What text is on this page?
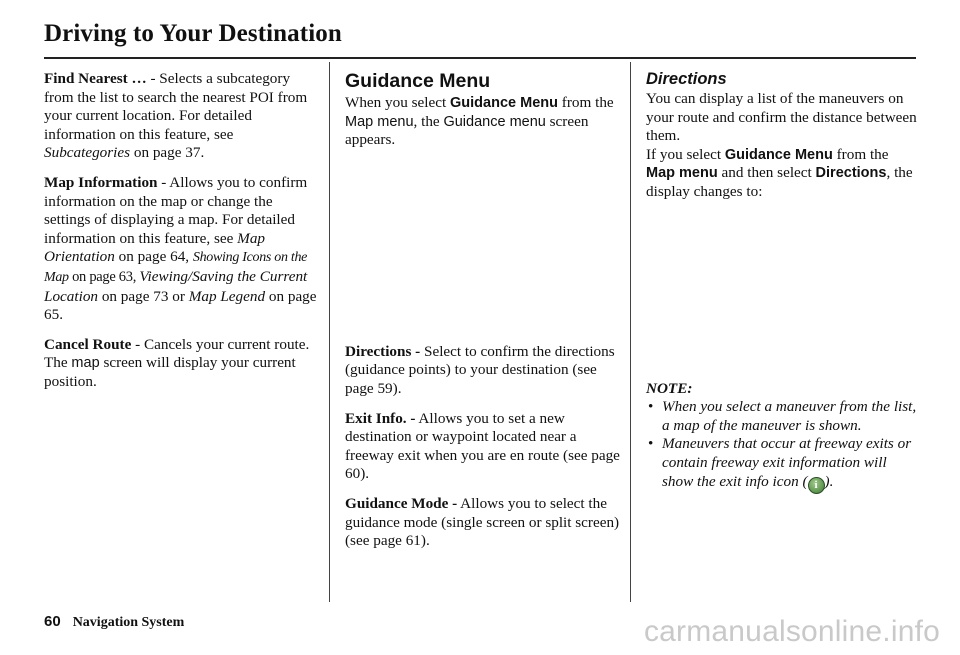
Driving to Your Destination

Find Nearest … - Selects a subcategory from the list to search the nearest POI from your current location. For detailed information on this feature, see Subcategories on page 37.

Map Information - Allows you to confirm information on the map or change the settings of displaying a map. For detailed information on this feature, see Map Orientation on page 64, Showing Icons on the Map on page 63, Viewing/Saving the Current Location on page 73 or Map Legend on page 65.

Cancel Route - Cancels your current route. The map screen will display your current position.

Guidance Menu

When you select Guidance Menu from the Map menu, the Guidance menu screen appears.

Directions - Select to confirm the directions (guidance points) to your destination (see page 59).

Exit Info. - Allows you to set a new destination or waypoint located near a freeway exit when you are en route (see page 60).

Guidance Mode - Allows you to select the guidance mode (single screen or split screen) (see page 61).

Directions

You can display a list of the maneuvers on your route and confirm the distance between them.

If you select Guidance Menu from the Map menu and then select Directions, the display changes to:

NOTE:
• When you select a maneuver from the list, a map of the maneuver is shown.
• Maneuvers that occur at freeway exits or contain freeway exit information will show the exit info icon ( i ).
60 Navigation System	carmanualsonline.info
